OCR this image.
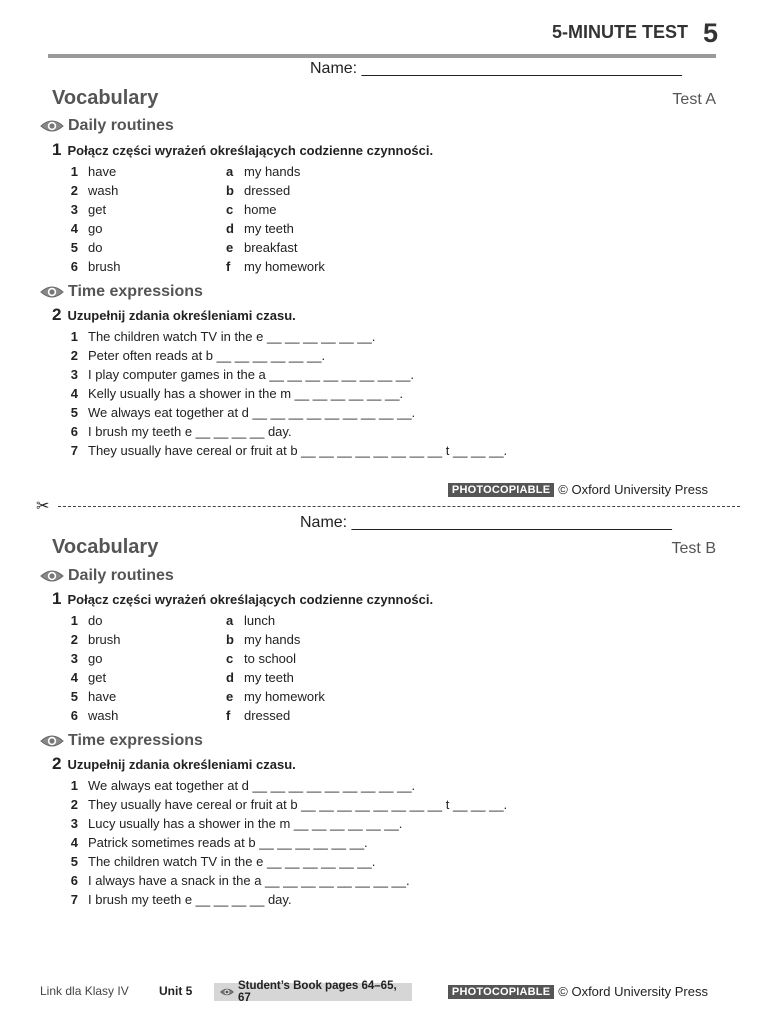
5-MINUTE TEST 5
Name: ____________________________________
Vocabulary	Test A
Daily routines
1 Połącz części wyrażeń określających codzienne czynności.
1 have	a my hands
2 wash	b dressed
3 get	c home
4 go	d my teeth
5 do	e breakfast
6 brush	f my homework
Time expressions
2 Uzupełnij zdania określeniami czasu.
1 The children watch TV in the e __ __ __ __ __ __.
2 Peter often reads at b __ __ __ __ __ __.
3 I play computer games in the a __ __ __ __ __ __ __ __.
4 Kelly usually has a shower in the m __ __ __ __ __ __.
5 We always eat together at d __ __ __ __ __ __ __ __ __.
6 I brush my teeth e __ __ __ __ day.
7 They usually have cereal or fruit at b __ __ __ __ __ __ __ __ t __ __ __.
PHOTOCOPIABLE © Oxford University Press
✂
Name: ____________________________________
Vocabulary	Test B
Daily routines
1 Połącz części wyrażeń określających codzienne czynności.
1 do	a lunch
2 brush	b my hands
3 go	c to school
4 get	d my teeth
5 have	e my homework
6 wash	f dressed
Time expressions
2 Uzupełnij zdania określeniami czasu.
1 We always eat together at d __ __ __ __ __ __ __ __ __.
2 They usually have cereal or fruit at b __ __ __ __ __ __ __ __ t __ __ __.
3 Lucy usually has a shower in the m __ __ __ __ __ __.
4 Patrick sometimes reads at b __ __ __ __ __ __.
5 The children watch TV in the e __ __ __ __ __ __.
6 I always have a snack in the a __ __ __ __ __ __ __ __.
7 I brush my teeth e __ __ __ __ day.
Link dla Klasy IV	Unit 5	Student’s Book pages 64–65, 67
PHOTOCOPIABLE © Oxford University Press
